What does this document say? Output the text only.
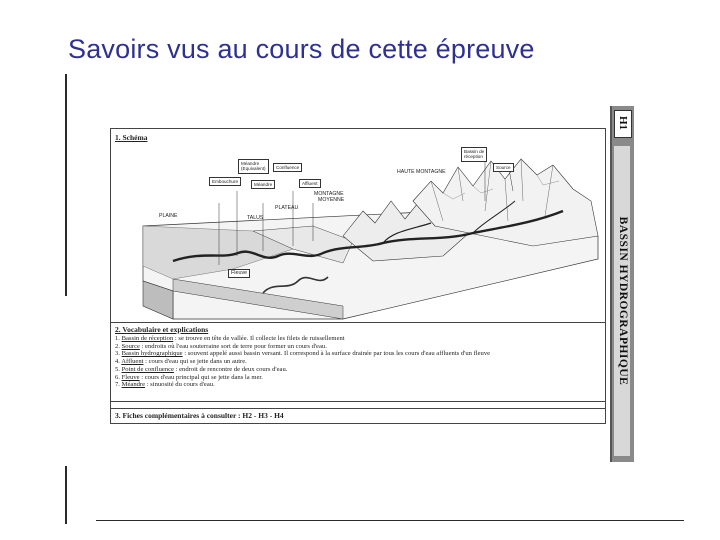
Savoirs vus au cours de cette épreuve
1. Schéma
PLAINE	TALUS
PLATEAU
MONTAGNE
MOYENNE
HAUTE MONTAGNE
Fleuve
Méandre
(Equivalent)
Embouchure
Confluence
Méandre	Affluent
Bassin de
réception
Source
2. Vocabulaire et explications
1. Bassin de réception : se trouve en tête de vallée. Il collecte les filets de ruissellement
2. Source : endroits où l'eau souterraine sort de terre pour former un cours d'eau.
3. Bassin hydrographique : souvent appelé aussi bassin versant. Il correspond à la surface drainée par tous les cours d'eau affluents d'un fleuve
4. Affluent : cours d'eau qui se jette dans un autre.
5. Point de confluence : endroit de rencontre de deux cours d'eau.
6. Fleuve : cours d'eau principal qui se jette dans la mer.
7. Méandre : sinuosité du cours d'eau.
3. Fiches complémentaires à consulter : H2 - H3 - H4
H1
BASSIN HYDROGRAPHIQUE
